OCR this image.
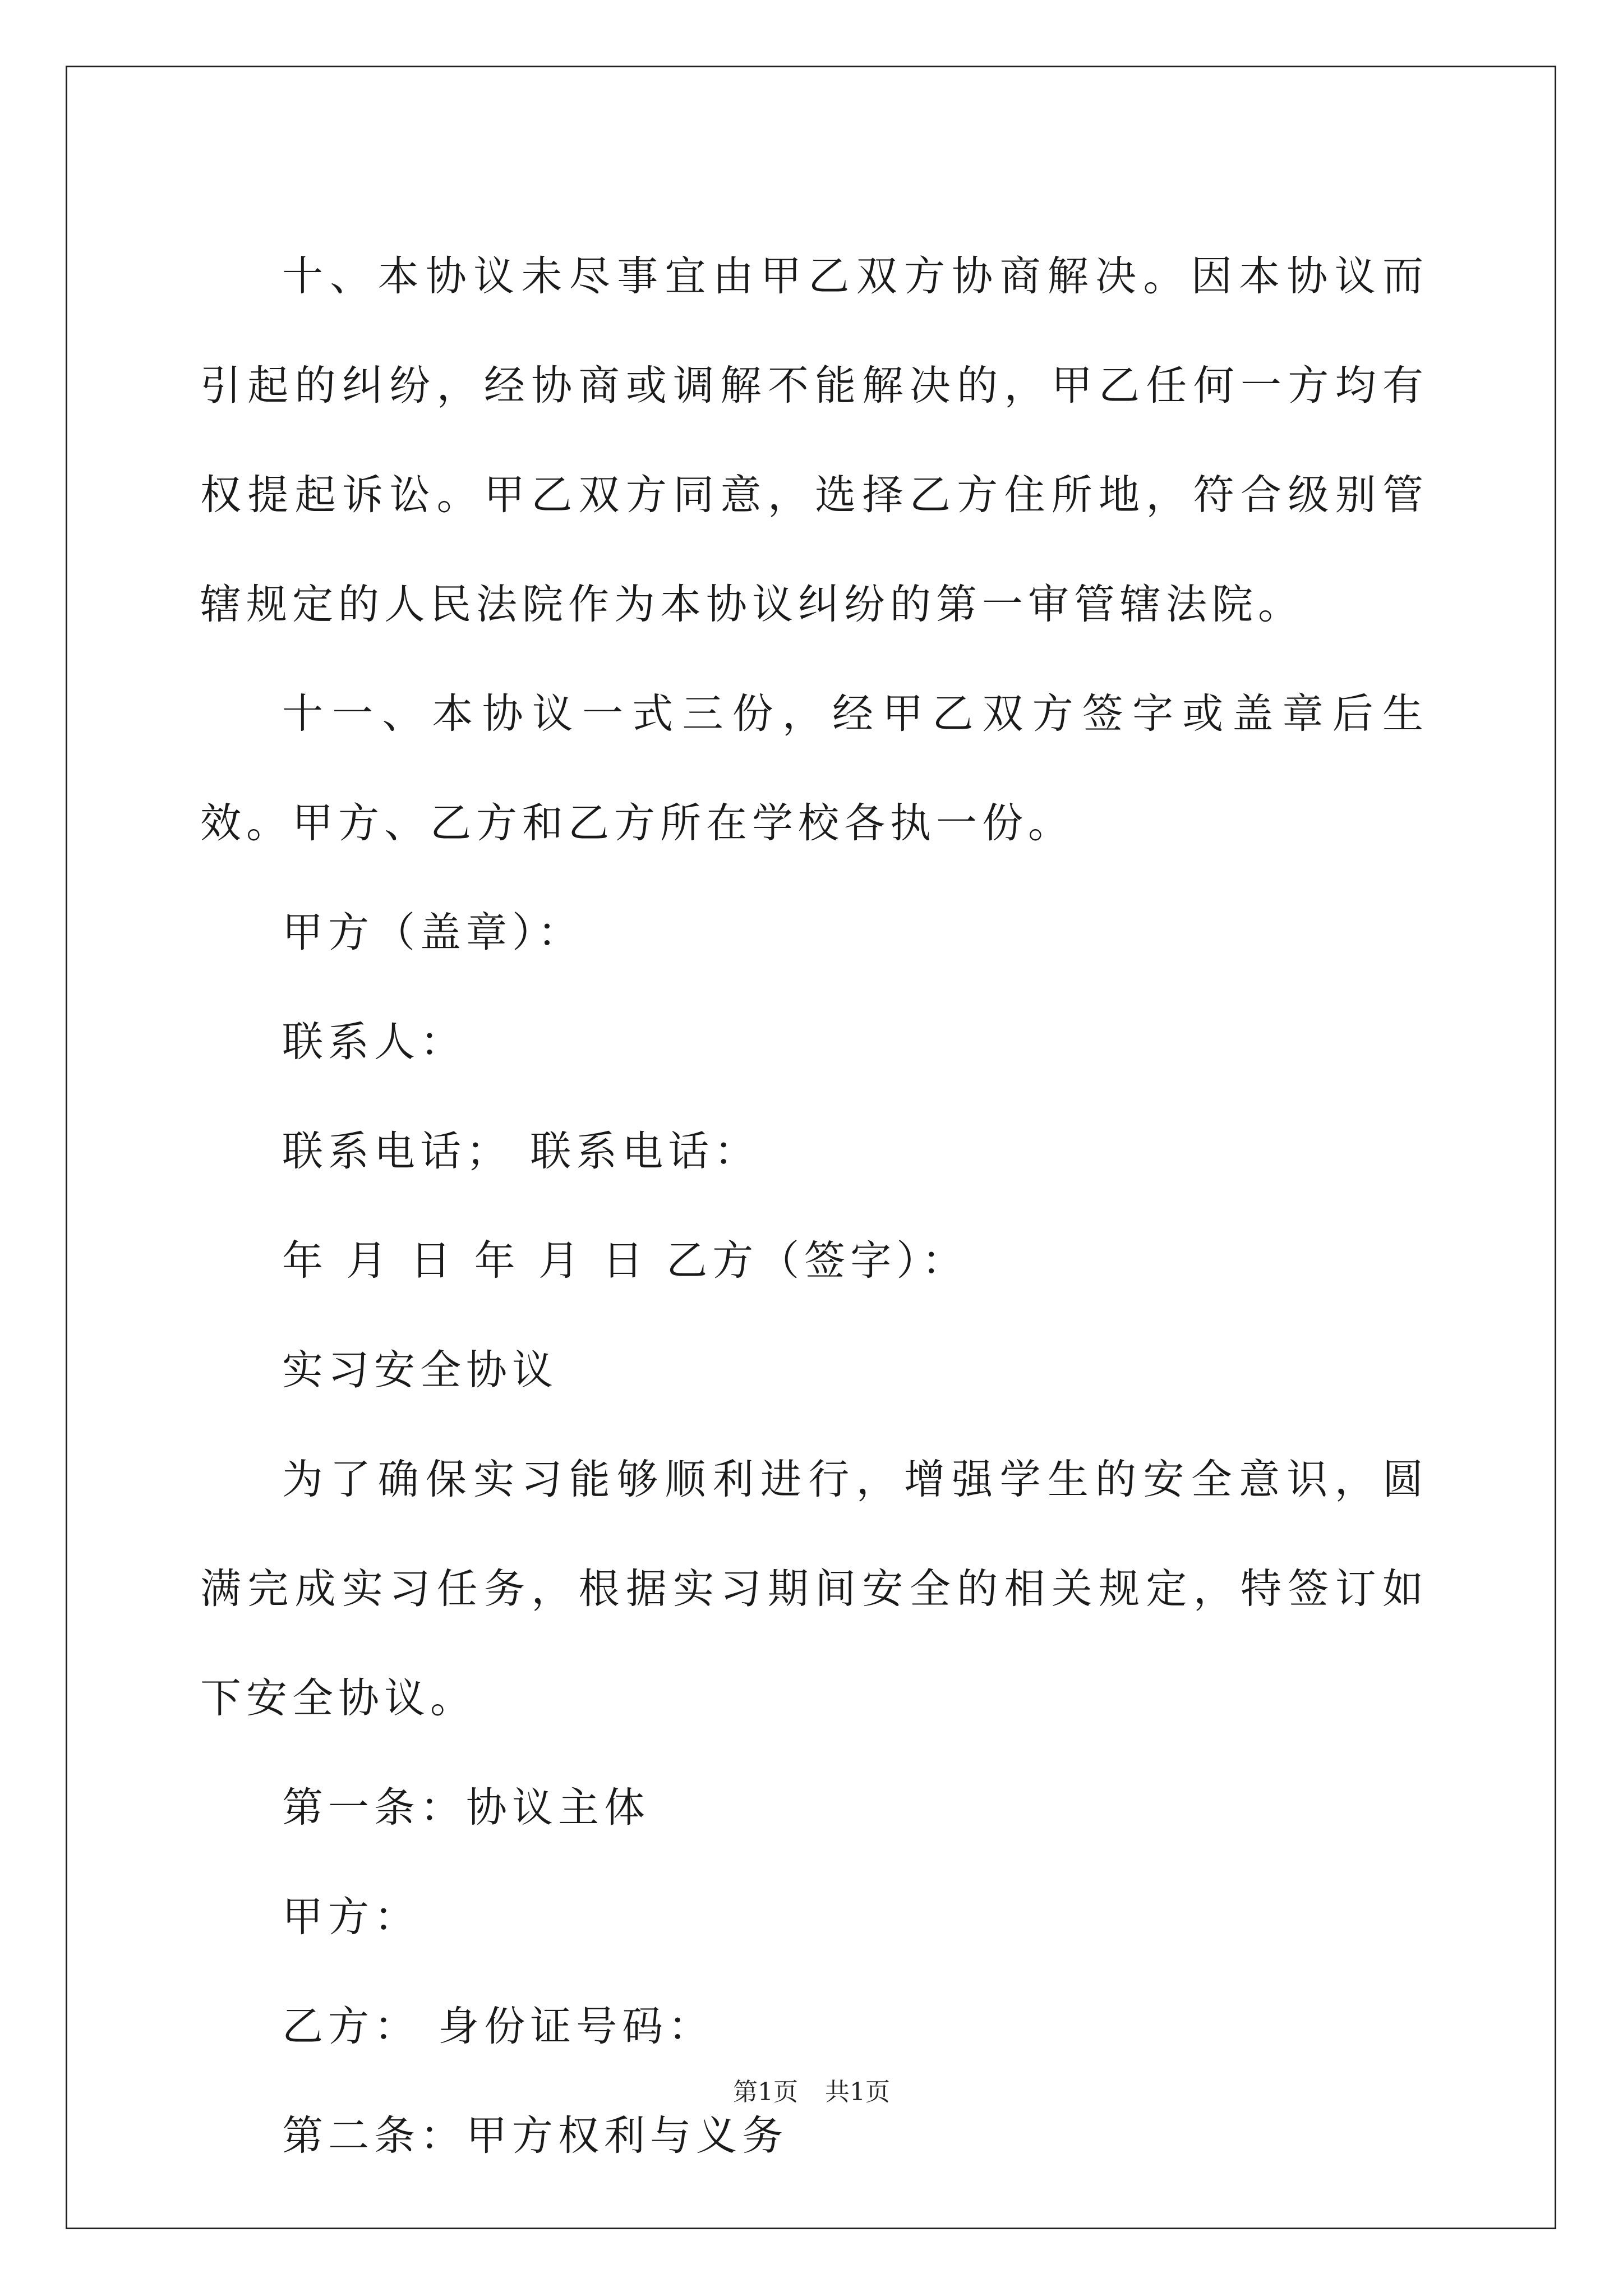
十、本协议未尽事宜由甲乙双方协商解决。因本协议而引起的纠纷，经协商或调解不能解决的，甲乙任何一方均有权提起诉讼。甲乙双方同意，选择乙方住所地，符合级别管辖规定的人民法院作为本协议纠纷的第一审管辖法院。

十一、本协议一式三份，经甲乙双方签字或盖章后生效。甲方、乙方和乙方所在学校各执一份。

甲方（盖章）：

联系人：

联系电话； 联系电话：

年 月 日 年 月 日 乙方（签字）：

实习安全协议

为了确保实习能够顺利进行，增强学生的安全意识，圆满完成实习任务，根据实习期间安全的相关规定，特签订如下安全协议。

第一条：协议主体

甲方：

乙方： 身份证号码：

第二条：甲方权利与义务

第1页 共1页
